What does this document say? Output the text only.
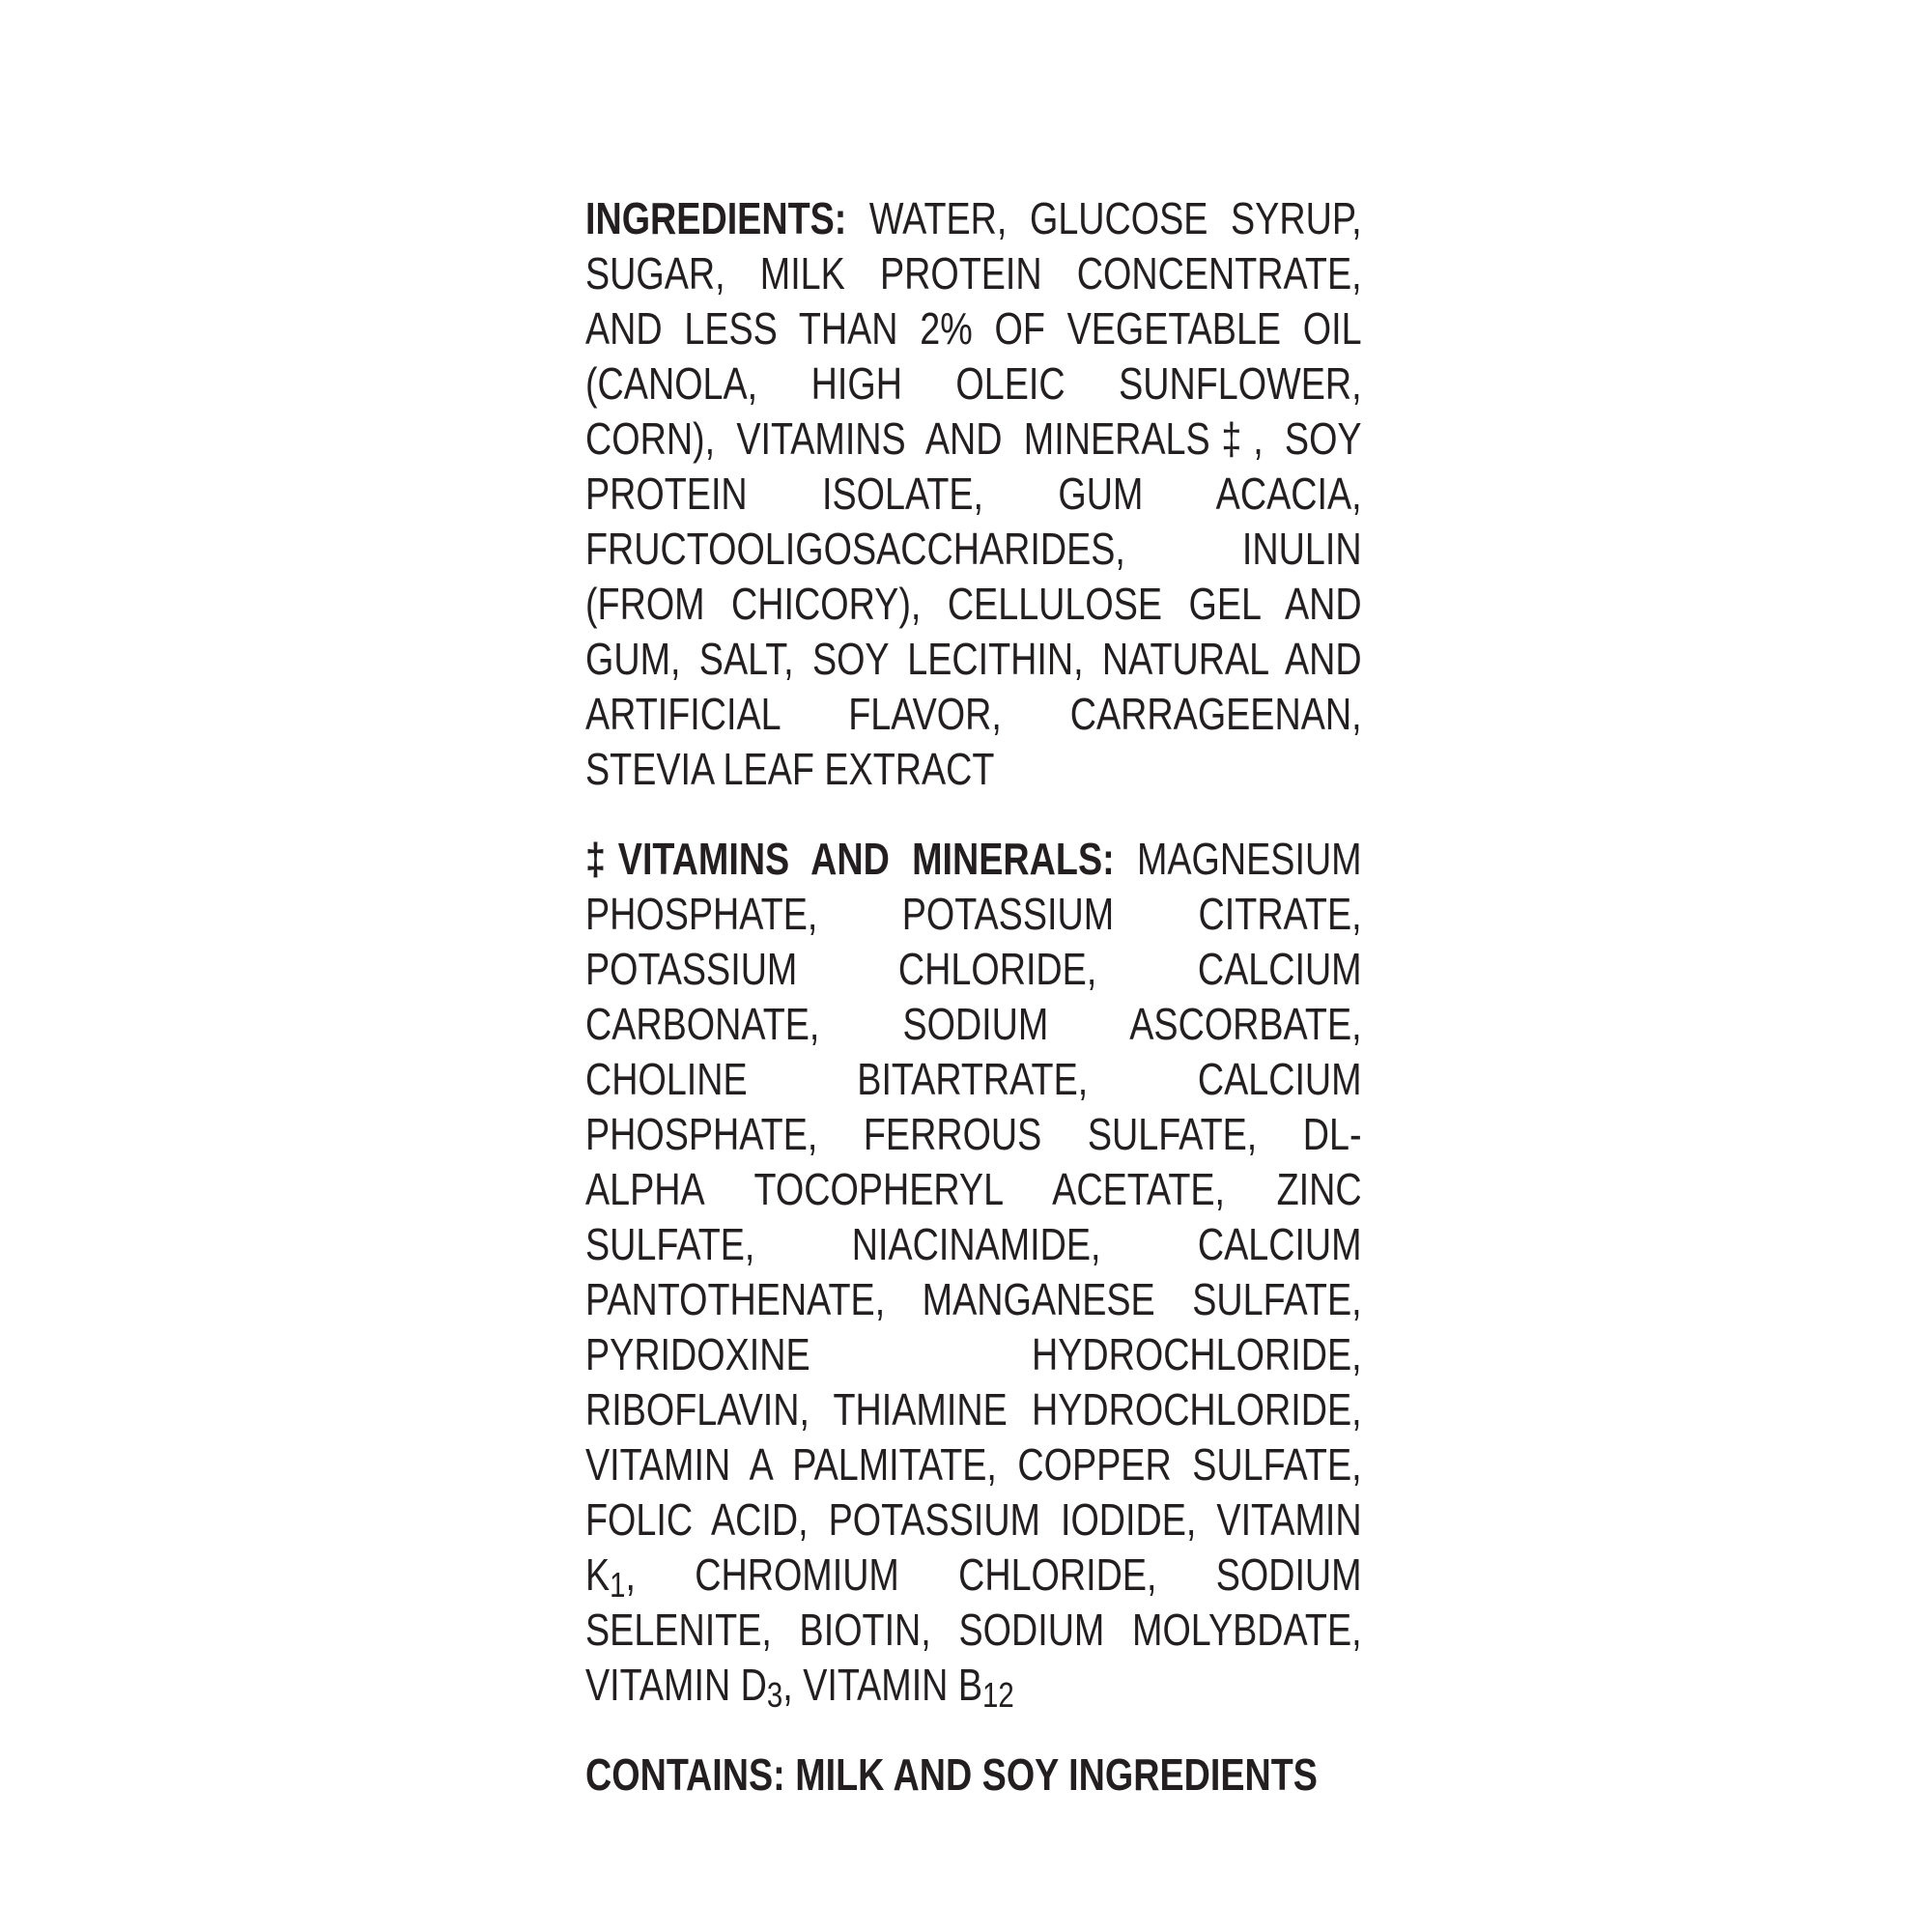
INGREDIENTS: WATER, GLUCOSE SYRUP, SUGAR, MILK PROTEIN CONCENTRATE, AND LESS THAN 2% OF VEGETABLE OIL (CANOLA, HIGH OLEIC SUNFLOWER, CORN), VITAMINS AND MINERALS‡, SOY PROTEIN ISOLATE, GUM ACACIA, FRUCTOOLIGOSACCHARIDES, INULIN (FROM CHICORY), CELLULOSE GEL AND GUM, SALT, SOY LECITHIN, NATURAL AND ARTIFICIAL FLAVOR, CARRAGEENAN, STEVIA LEAF EXTRACT

‡VITAMINS AND MINERALS: MAGNESIUM PHOSPHATE, POTASSIUM CITRATE, POTASSIUM CHLORIDE, CALCIUM CARBONATE, SODIUM ASCORBATE, CHOLINE BITARTRATE, CALCIUM PHOSPHATE, FERROUS SULFATE, DL-ALPHA TOCOPHERYL ACETATE, ZINC SULFATE, NIACINAMIDE, CALCIUM PANTOTHENATE, MANGANESE SULFATE, PYRIDOXINE HYDROCHLORIDE, RIBOFLAVIN, THIAMINE HYDROCHLORIDE, VITAMIN A PALMITATE, COPPER SULFATE, FOLIC ACID, POTASSIUM IODIDE, VITAMIN $K_1$, CHROMIUM CHLORIDE, SODIUM SELENITE, BIOTIN, SODIUM MOLYBDATE, VITAMIN $D_3$, VITAMIN $B_{12}$

CONTAINS: MILK AND SOY INGREDIENTS
